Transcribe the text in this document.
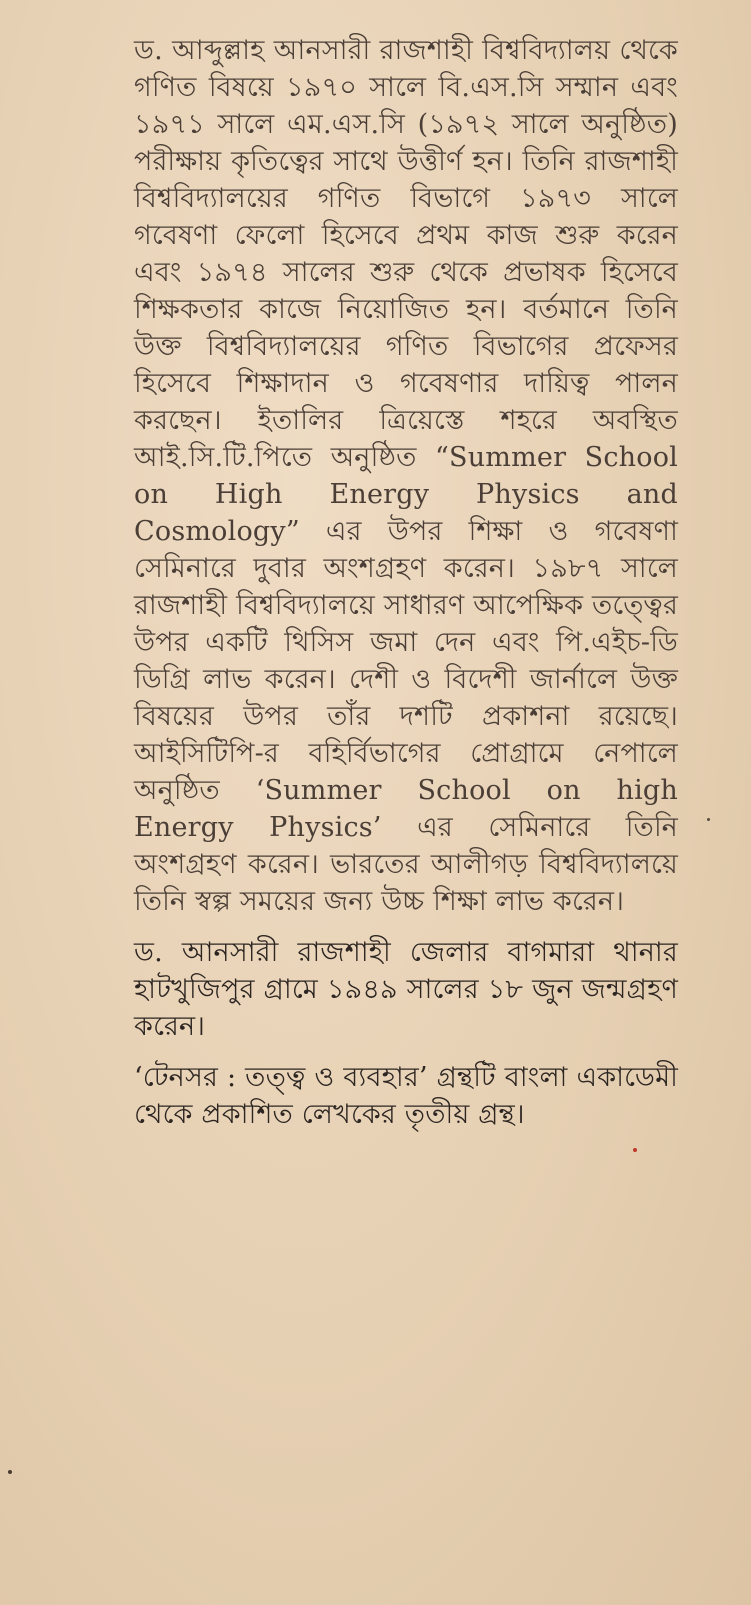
ড. আব্দুল্লাহ আনসারী রাজশাহী বিশ্ববিদ্যালয় থেকে গণিত বিষয়ে ১৯৭০ সালে বি.এস.সি সম্মান এবং ১৯৭১ সালে এম.এস.সি (১৯৭২ সালে অনুষ্ঠিত) পরীক্ষায় কৃতিত্বের সাথে উত্তীর্ণ হন। তিনি রাজশাহী বিশ্ববিদ্যালয়ের গণিত বিভাগে ১৯৭৩ সালে গবেষণা ফেলো হিসেবে প্রথম কাজ শুরু করেন এবং ১৯৭৪ সালের শুরু থেকে প্রভাষক হিসেবে শিক্ষকতার কাজে নিয়োজিত হন। বর্তমানে তিনি উক্ত বিশ্ববিদ্যালয়ের গণিত বিভাগের প্রফেসর হিসেবে শিক্ষাদান ও গবেষণার দায়িত্ব পালন করছেন। ইতালির ত্রিয়েস্তে শহরে অবস্থিত আই.সি.টি.পিতে অনুষ্ঠিত “Summer School on High Energy Physics and Cosmology” এর উপর শিক্ষা ও গবেষণা সেমিনারে দুবার অংশগ্রহণ করেন। ১৯৮৭ সালে রাজশাহী বিশ্ববিদ্যালয়ে সাধারণ আপেক্ষিক তত্ত্বের উপর একটি থিসিস জমা দেন এবং পি.এইচ-ডি ডিগ্রি লাভ করেন। দেশী ও বিদেশী জার্নালে উক্ত বিষয়ের উপর তাঁর দশটি প্রকাশনা রয়েছে। আইসিটিপি-র বহির্বিভাগের প্রোগ্রামে নেপালে অনুষ্ঠিত ‘Summer School on high Energy Physics’ এর সেমিনারে তিনি অংশগ্রহণ করেন। ভারতের আলীগড় বিশ্ববিদ্যালয়ে তিনি স্বল্প সময়ের জন্য উচ্চ শিক্ষা লাভ করেন।

ড. আনসারী রাজশাহী জেলার বাগমারা থানার হাটখুজিপুর গ্রামে ১৯৪৯ সালের ১৮ জুন জন্মগ্রহণ করেন।

‘টেনসর : তত্ত্ব ও ব্যবহার’ গ্রন্থটি বাংলা একাডেমী থেকে প্রকাশিত লেখকের তৃতীয় গ্রন্থ।
